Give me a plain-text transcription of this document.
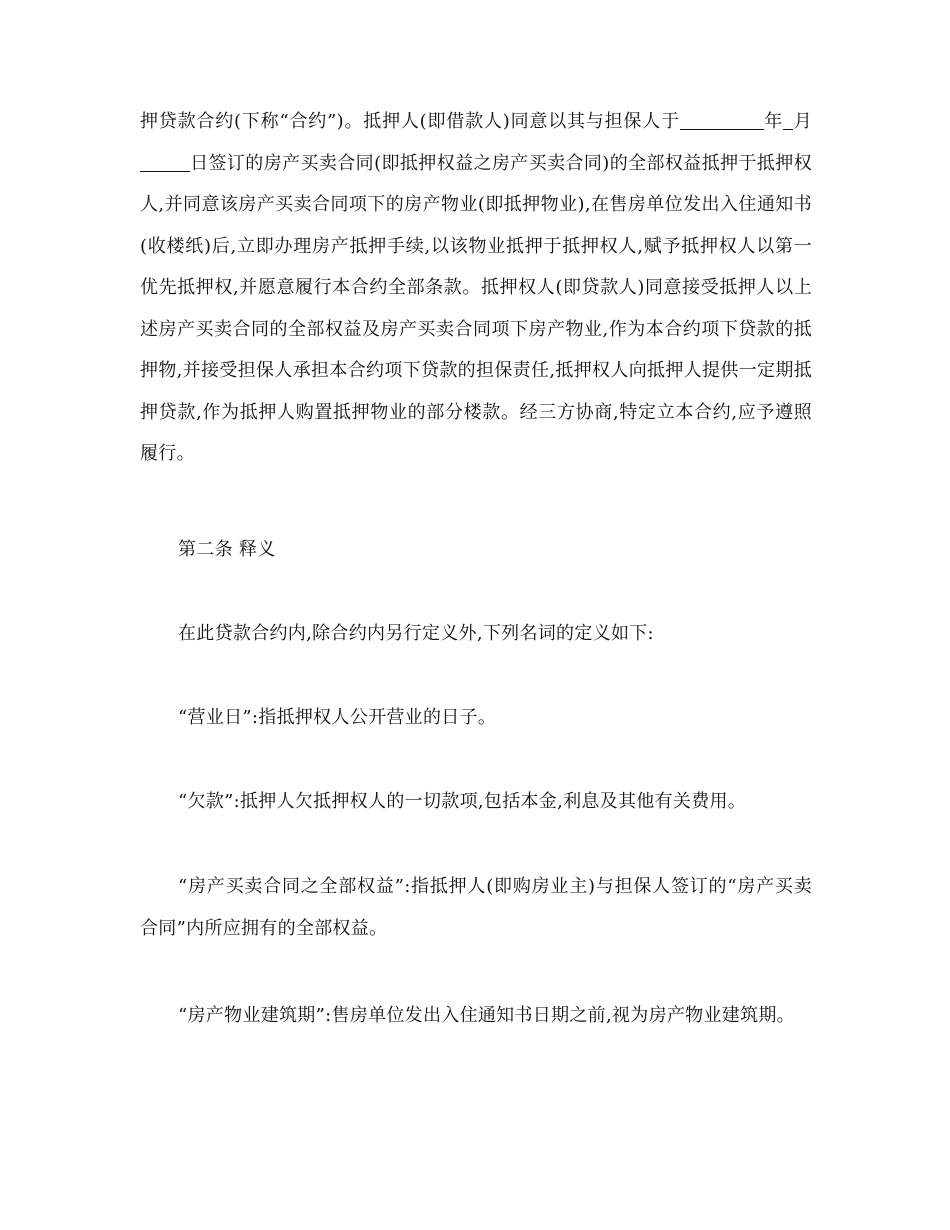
押贷款合约(下称“合约”)。抵押人(即借款人)同意以其与担保人于	年 月日签订的房产买卖合同(即抵押权益之房产买卖合同)的全部权益抵押于抵押权人,并同意该房产买卖合同项下的房产物业(即抵押物业),在售房单位发出入住通知书(收楼纸)后,立即办理房产抵押手续,以该物业抵押于抵押权人,赋予抵押权人以第一优先抵押权,并愿意履行本合约全部条款。抵押权人(即贷款人)同意接受抵押人以上述房产买卖合同的全部权益及房产买卖合同项下房产物业,作为本合约项下贷款的抵押物,并接受担保人承担本合约项下贷款的担保责任,抵押权人向抵押人提供一定期抵押贷款,作为抵押人购置抵押物业的部分楼款。经三方协商,特定立本合约,应予遵照履行。

第二条 释义

在此贷款合约内,除合约内另行定义外,下列名词的定义如下:

“营业日”:指抵押权人公开营业的日子。

“欠款”:抵押人欠抵押权人的一切款项,包括本金,利息及其他有关费用。

“房产买卖合同之全部权益”:指抵押人(即购房业主)与担保人签订的“房产买卖合同”内所应拥有的全部权益。

“房产物业建筑期”:售房单位发出入住通知书日期之前,视为房产物业建筑期。
